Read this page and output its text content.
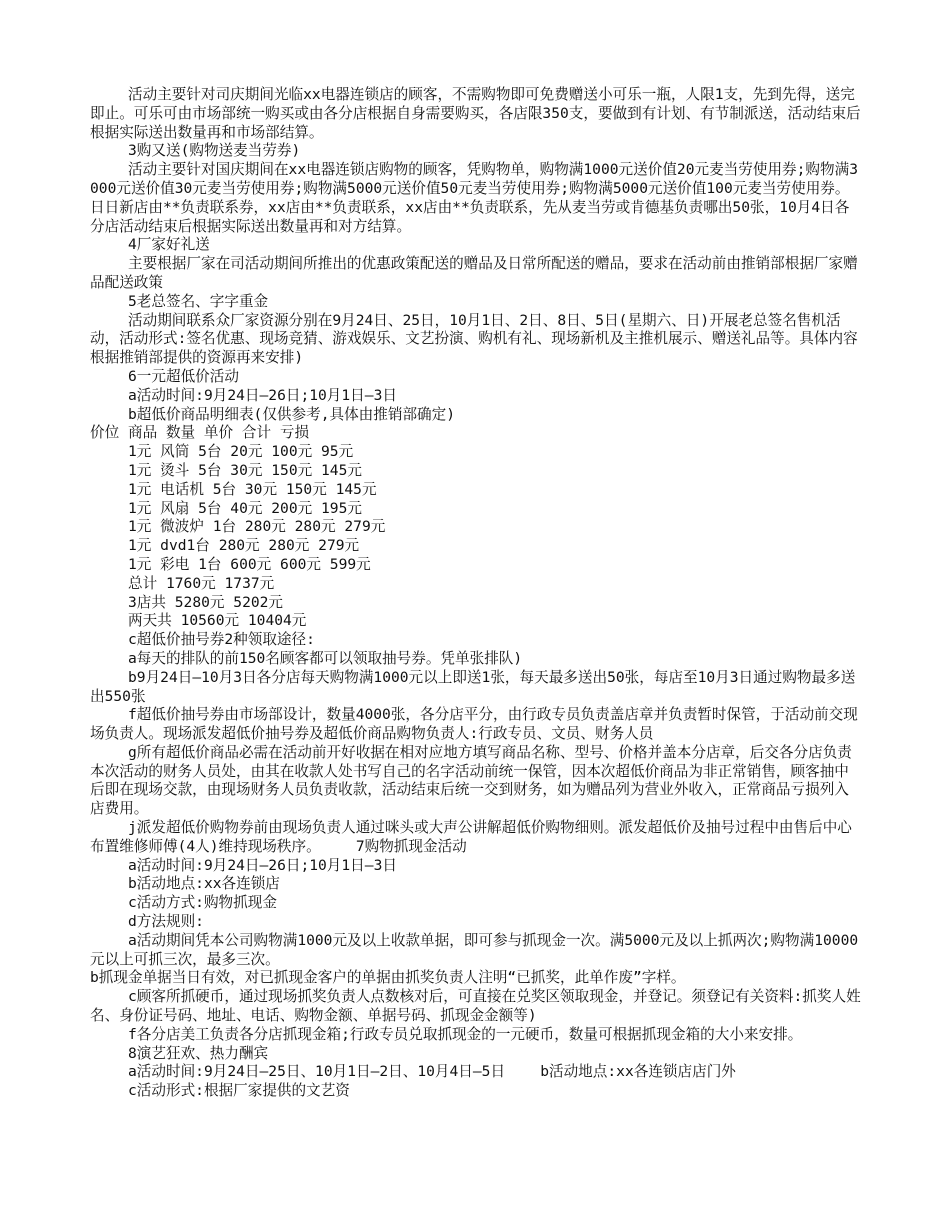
活动主要针对司庆期间光临xx电器连锁店的顾客，不需购物即可免费赠送小可乐一瓶，人限1支，先到先得，送完即止。可乐可由市场部统一购买或由各分店根据自身需要购买，各店限350支，要做到有计划、有节制派送，活动结束后根据实际送出数量再和市场部结算。

3购又送(购物送麦当劳券)

活动主要针对国庆期间在xx电器连锁店购物的顾客，凭购物单，购物满1000元送价值20元麦当劳使用券;购物满3000元送价值30元麦当劳使用券;购物满5000元送价值50元麦当劳使用券;购物满5000元送价值100元麦当劳使用券。

日日新店由**负责联系券，xx店由**负责联系，xx店由**负责联系，先从麦当劳或肯德基负责哪出50张，10月4日各分店活动结束后根据实际送出数量再和对方结算。

4厂家好礼送

主要根据厂家在司活动期间所推出的优惠政策配送的赠品及日常所配送的赠品，要求在活动前由推销部根据厂家赠品配送政策

5老总签名、字字重金

活动期间联系众厂家资源分别在9月24日、25日，10月1日、2日、8日、5日(星期六、日)开展老总签名售机活动，活动形式:签名优惠、现场竞猜、游戏娱乐、文艺扮演、购机有礼、现场新机及主推机展示、赠送礼品等。具体内容根据推销部提供的资源再来安排)

6一元超低价活动

a活动时间:9月24日—26日;10月1日—3日

b超低价商品明细表(仅供参考,具体由推销部确定)

价位 商品 数量 单价 合计 亏损

1元 风筒 5台 20元 100元 95元

1元 烫斗 5台 30元 150元 145元

1元 电话机 5台 30元 150元 145元

1元 风扇 5台 40元 200元 195元

1元 微波炉 1台 280元 280元 279元

1元 dvd1台 280元 280元 279元

1元 彩电 1台 600元 600元 599元

总计 1760元 1737元

3店共 5280元 5202元

两天共 10560元 10404元

c超低价抽号券2种领取途径:

a每天的排队的前150名顾客都可以领取抽号券。凭单张排队)

b9月24日—10月3日各分店每天购物满1000元以上即送1张，每天最多送出50张，每店至10月3日通过购物最多送出550张

f超低价抽号券由市场部设计，数量4000张，各分店平分，由行政专员负责盖店章并负责暂时保管，于活动前交现场负责人。现场派发超低价抽号券及超低价商品购物负责人:行政专员、文员、财务人员

g所有超低价商品必需在活动前开好收据在相对应地方填写商品名称、型号、价格并盖本分店章，后交各分店负责本次活动的财务人员处，由其在收款人处书写自己的名字活动前统一保管，因本次超低价商品为非正常销售，顾客抽中后即在现场交款，由现场财务人员负责收款，活动结束后统一交到财务，如为赠品列为营业外收入，正常商品亏损列入店费用。

j派发超低价购物券前由现场负责人通过咪头或大声公讲解超低价购物细则。派发超低价及抽号过程中由售后中心布置维修师傅(4人)维持现场秩序。    7购物抓现金活动

a活动时间:9月24日—26日;10月1日—3日

b活动地点:xx各连锁店

c活动方式:购物抓现金

d方法规则:

a活动期间凭本公司购物满1000元及以上收款单据，即可参与抓现金一次。满5000元及以上抓两次;购物满10000元以上可抓三次，最多三次。

b抓现金单据当日有效，对已抓现金客户的单据由抓奖负责人注明“已抓奖，此单作废”字样。

c顾客所抓硬币，通过现场抓奖负责人点数核对后，可直接在兑奖区领取现金，并登记。须登记有关资料:抓奖人姓名、身份证号码、地址、电话、购物金额、单据号码、抓现金金额等)

f各分店美工负责各分店抓现金箱;行政专员兑取抓现金的一元硬币，数量可根据抓现金箱的大小来安排。

8演艺狂欢、热力酬宾

a活动时间:9月24日—25日、10月1日—2日、10月4日—5日    b活动地点:xx各连锁店店门外

c活动形式:根据厂家提供的文艺资
